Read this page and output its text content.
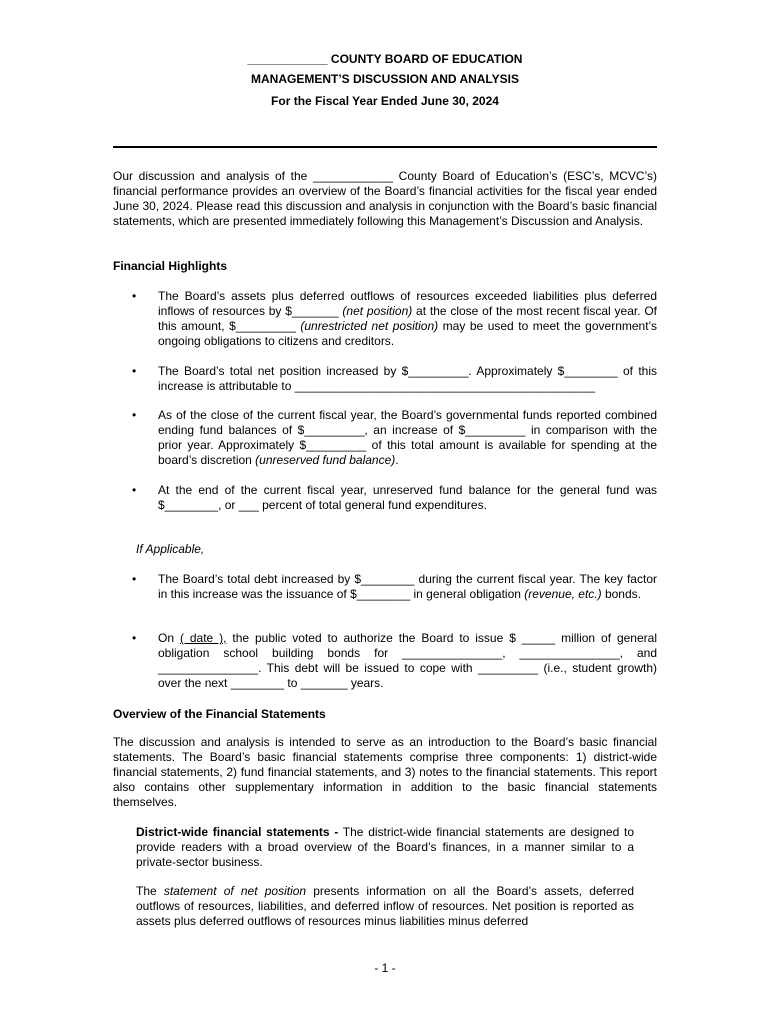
____________ COUNTY BOARD OF EDUCATION
MANAGEMENT’S DISCUSSION AND ANALYSIS
For the Fiscal Year Ended June 30, 2024
Our discussion and analysis of the ____________ County Board of Education’s (ESC’s, MCVC’s) financial performance provides an overview of the Board’s financial activities for the fiscal year ended June 30, 2024. Please read this discussion and analysis in conjunction with the Board’s basic financial statements, which are presented immediately following this Management’s Discussion and Analysis.
Financial Highlights
•	The Board’s assets plus deferred outflows of resources exceeded liabilities plus deferred inflows of resources by $_______ (net position) at the close of the most recent fiscal year. Of this amount, $_________ (unrestricted net position) may be used to meet the government’s ongoing obligations to citizens and creditors.
•	The Board’s total net position increased by $_________. Approximately $________ of this increase is attributable to _____________________________________________
•	As of the close of the current fiscal year, the Board’s governmental funds reported combined ending fund balances of $_________, an increase of $_________ in comparison with the prior year. Approximately $_________ of this total amount is available for spending at the board’s discretion (unreserved fund balance).
•	At the end of the current fiscal year, unreserved fund balance for the general fund was $________, or ___ percent of total general fund expenditures.
If Applicable,
•	The Board’s total debt increased by $________ during the current fiscal year. The key factor in this increase was the issuance of $________ in general obligation (revenue, etc.) bonds.
•	On ( date ), the public voted to authorize the Board to issue $ _____ million of general obligation school building bonds for _______________, _______________, and _______________. This debt will be issued to cope with _________ (i.e., student growth) over the next ________ to _______ years.
Overview of the Financial Statements
The discussion and analysis is intended to serve as an introduction to the Board’s basic financial statements. The Board’s basic financial statements comprise three components: 1) district-wide financial statements, 2) fund financial statements, and 3) notes to the financial statements. This report also contains other supplementary information in addition to the basic financial statements themselves.
District-wide financial statements - The district-wide financial statements are designed to provide readers with a broad overview of the Board’s finances, in a manner similar to a private-sector business.
The statement of net position presents information on all the Board’s assets, deferred outflows of resources, liabilities, and deferred inflow of resources. Net position is reported as assets plus deferred outflows of resources minus liabilities minus deferred
- 1 -
